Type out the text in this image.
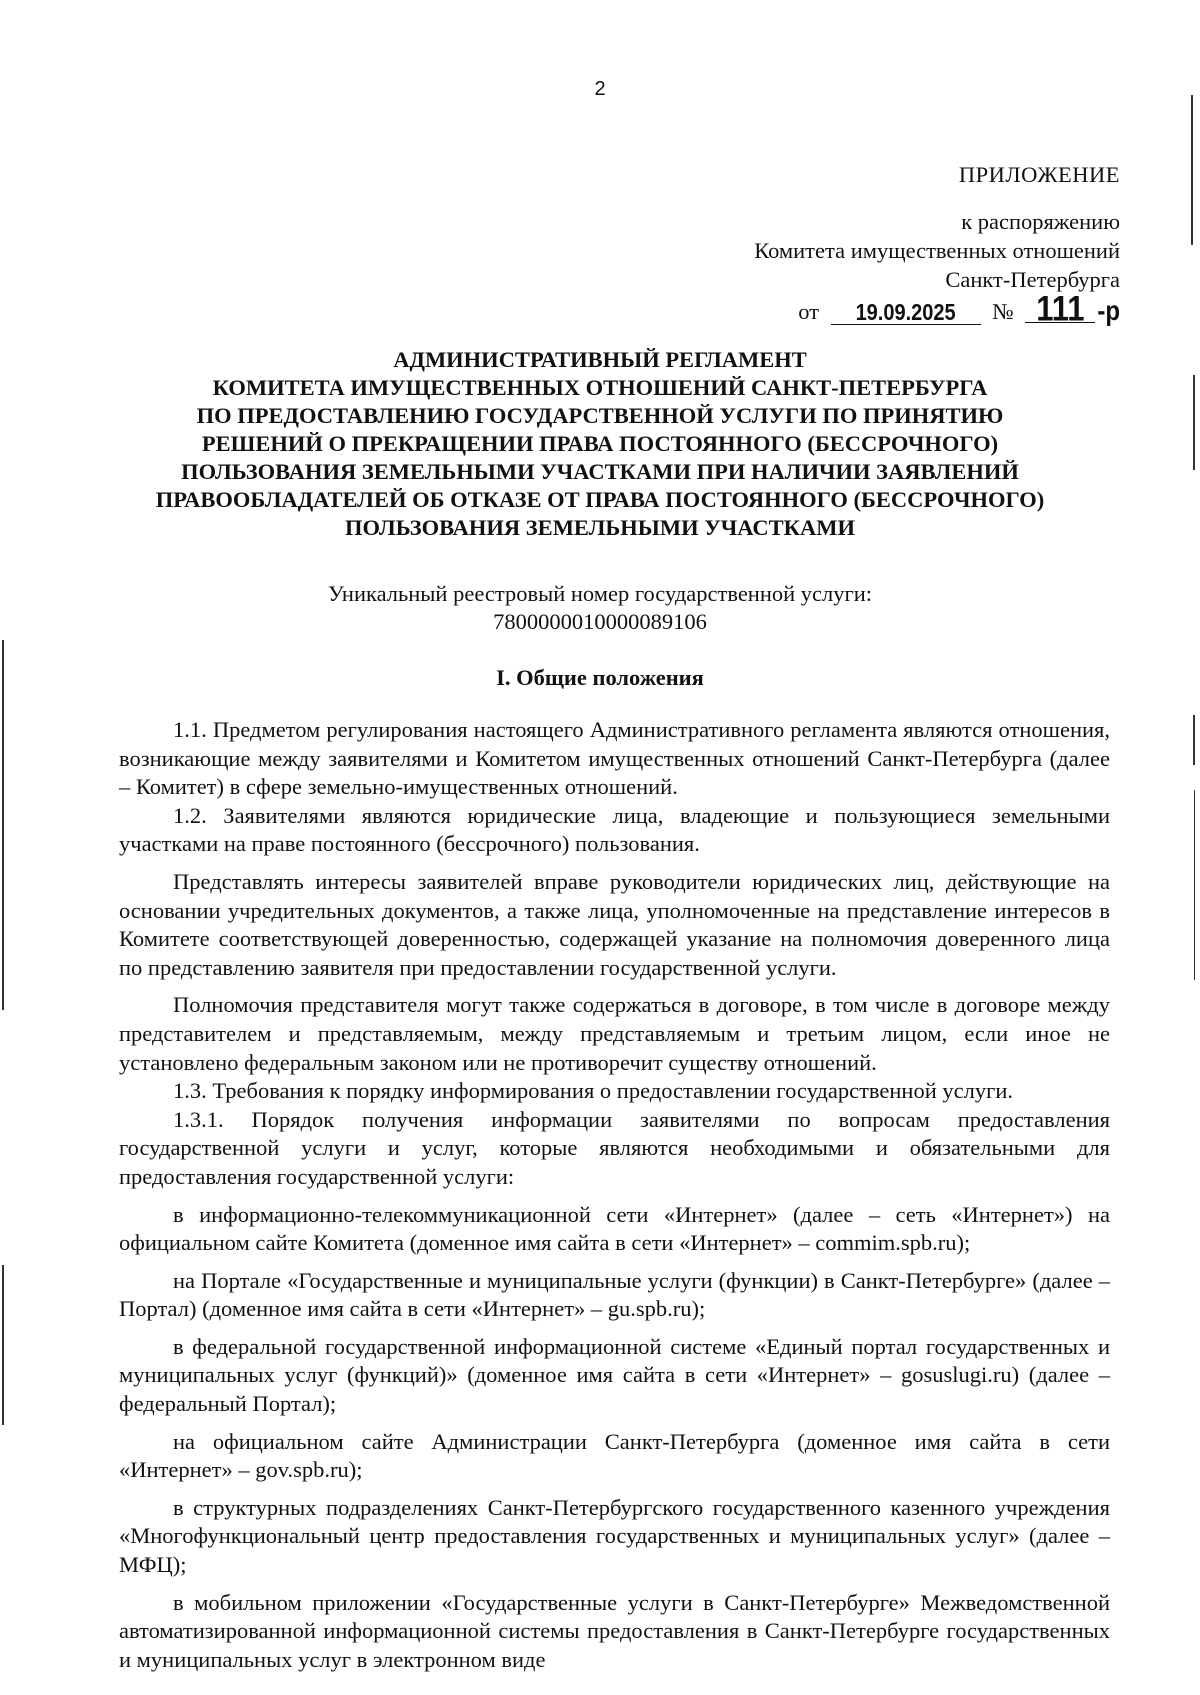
2
ПРИЛОЖЕНИЕ
к распоряжению
Комитета имущественных отношений
Санкт-Петербурга
от 19.09.2025 № 111 -р
АДМИНИСТРАТИВНЫЙ РЕГЛАМЕНТ
КОМИТЕТА ИМУЩЕСТВЕННЫХ ОТНОШЕНИЙ САНКТ-ПЕТЕРБУРГА
ПО ПРЕДОСТАВЛЕНИЮ ГОСУДАРСТВЕННОЙ УСЛУГИ ПО ПРИНЯТИЮ
РЕШЕНИЙ О ПРЕКРАЩЕНИИ ПРАВА ПОСТОЯННОГО (БЕССРОЧНОГО)
ПОЛЬЗОВАНИЯ ЗЕМЕЛЬНЫМИ УЧАСТКАМИ ПРИ НАЛИЧИИ ЗАЯВЛЕНИЙ
ПРАВООБЛАДАТЕЛЕЙ ОБ ОТКАЗЕ ОТ ПРАВА ПОСТОЯННОГО (БЕССРОЧНОГО)
ПОЛЬЗОВАНИЯ ЗЕМЕЛЬНЫМИ УЧАСТКАМИ
Уникальный реестровый номер государственной услуги:
7800000010000089106
I. Общие положения

1.1. Предметом регулирования настоящего Административного регламента являются отношения, возникающие между заявителями и Комитетом имущественных отношений Санкт-Петербурга (далее – Комитет) в сфере земельно-имущественных отношений.

1.2. Заявителями являются юридические лица, владеющие и пользующиеся земельными участками на праве постоянного (бессрочного) пользования.

Представлять интересы заявителей вправе руководители юридических лиц, действующие на основании учредительных документов, а также лица, уполномоченные на представление интересов в Комитете соответствующей доверенностью, содержащей указание на полномочия доверенного лица по представлению заявителя при предоставлении государственной услуги.

Полномочия представителя могут также содержаться в договоре, в том числе в договоре между представителем и представляемым, между представляемым и третьим лицом, если иное не установлено федеральным законом или не противоречит существу отношений.

1.3. Требования к порядку информирования о предоставлении государственной услуги.

1.3.1. Порядок получения информации заявителями по вопросам предоставления государственной услуги и услуг, которые являются необходимыми и обязательными для предоставления государственной услуги:

в информационно-телекоммуникационной сети «Интернет» (далее – сеть «Интернет») на официальном сайте Комитета (доменное имя сайта в сети «Интернет» – commim.spb.ru);

на Портале «Государственные и муниципальные услуги (функции) в Санкт-Петербурге» (далее – Портал) (доменное имя сайта в сети «Интернет» – gu.spb.ru);

в федеральной государственной информационной системе «Единый портал государственных и муниципальных услуг (функций)» (доменное имя сайта в сети «Интернет» – gosuslugi.ru) (далее – федеральный Портал);

на официальном сайте Администрации Санкт-Петербурга (доменное имя сайта в сети «Интернет» – gov.spb.ru);

в структурных подразделениях Санкт-Петербургского государственного казенного учреждения «Многофункциональный центр предоставления государственных и муниципальных услуг» (далее – МФЦ);

в мобильном приложении «Государственные услуги в Санкт-Петербурге» Межведомственной автоматизированной информационной системы предоставления в Санкт-Петербурге государственных и муниципальных услуг в электронном виде
